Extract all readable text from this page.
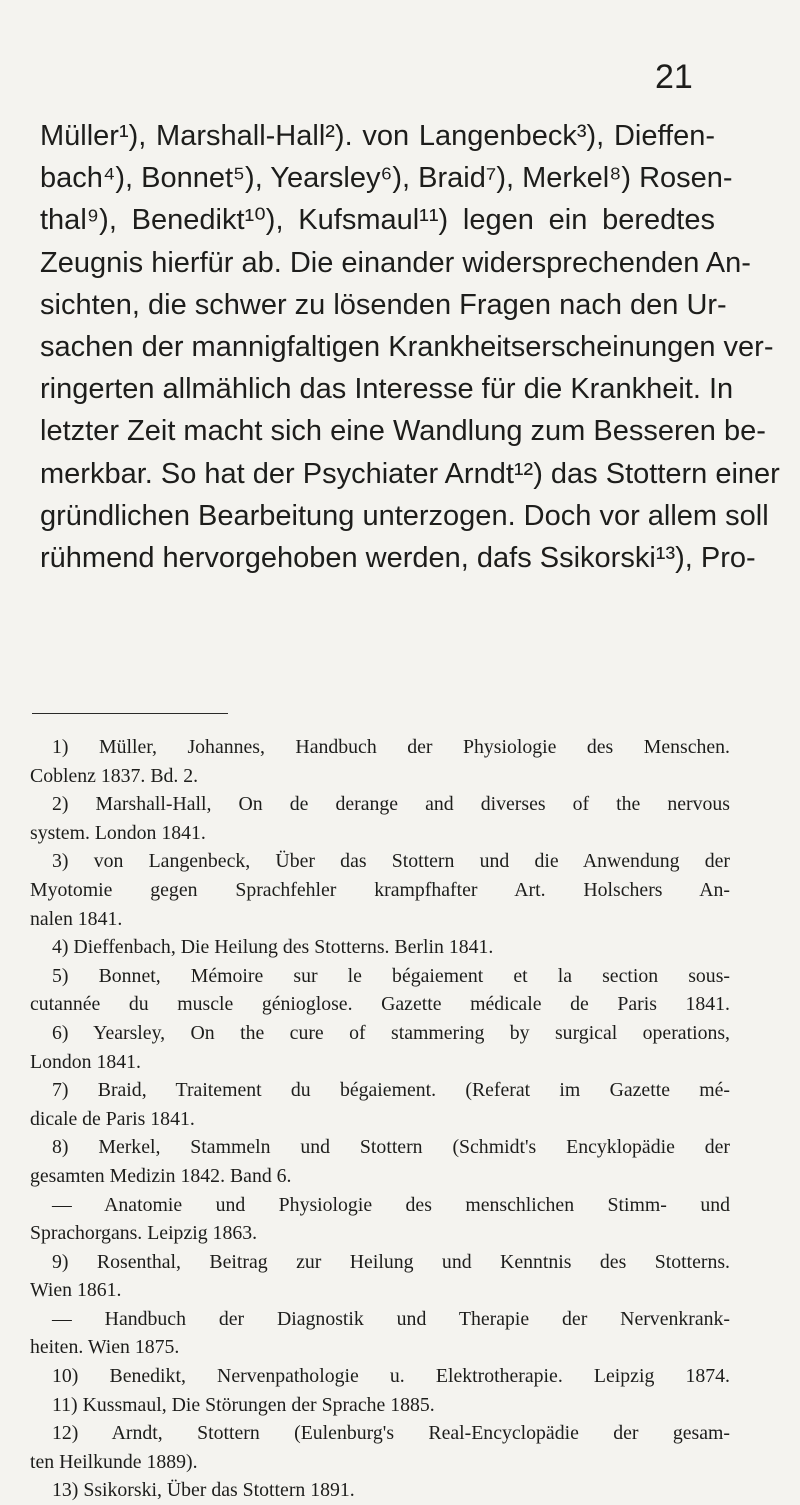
21
Müller¹), Marshall-Hall²). von Langenbeck³), Dieffen-
bach⁴), Bonnet⁵), Yearsley⁶), Braid⁷), Merkel⁸) Rosen-
thal⁹), Benedikt¹⁰), Kufsmaul¹¹) legen ein beredtes
Zeugnis hierfür ab. Die einander widersprechenden An-
sichten, die schwer zu lösenden Fragen nach den Ur-
sachen der mannigfaltigen Krankheitserscheinungen ver-
ringerten allmählich das Interesse für die Krankheit. In
letzter Zeit macht sich eine Wandlung zum Besseren be-
merkbar. So hat der Psychiater Arndt¹²) das Stottern einer
gründlichen Bearbeitung unterzogen. Doch vor allem soll
rühmend hervorgehoben werden, dafs Ssikorski¹³), Pro-
1) Müller, Johannes, Handbuch der Physiologie des Menschen.
Coblenz 1837. Bd. 2.
2) Marshall-Hall, On de derange and diverses of the nervous
system. London 1841.
3) von Langenbeck, Über das Stottern und die Anwendung der
Myotomie gegen Sprachfehler krampfhafter Art. Holschers An-
nalen 1841.
4) Dieffenbach, Die Heilung des Stotterns. Berlin 1841.
5) Bonnet, Mémoire sur le bégaiement et la section sous-
cutannée du muscle génioglose. Gazette médicale de Paris 1841.
6) Yearsley, On the cure of stammering by surgical operations,
London 1841.
7) Braid, Traitement du bégaiement. (Referat im Gazette mé-
dicale de Paris 1841.
8) Merkel, Stammeln und Stottern (Schmidt's Encyklopädie der
gesamten Medizin 1842. Band 6.
— Anatomie und Physiologie des menschlichen Stimm- und
Sprachorgans. Leipzig 1863.
9) Rosenthal, Beitrag zur Heilung und Kenntnis des Stotterns.
Wien 1861.
— Handbuch der Diagnostik und Therapie der Nervenkrank-
heiten. Wien 1875.
10) Benedikt, Nervenpathologie u. Elektrotherapie. Leipzig 1874.
11) Kussmaul, Die Störungen der Sprache 1885.
12) Arndt, Stottern (Eulenburg's Real-Encyclopädie der gesam-
ten Heilkunde 1889).
13) Ssikorski, Über das Stottern 1891.
